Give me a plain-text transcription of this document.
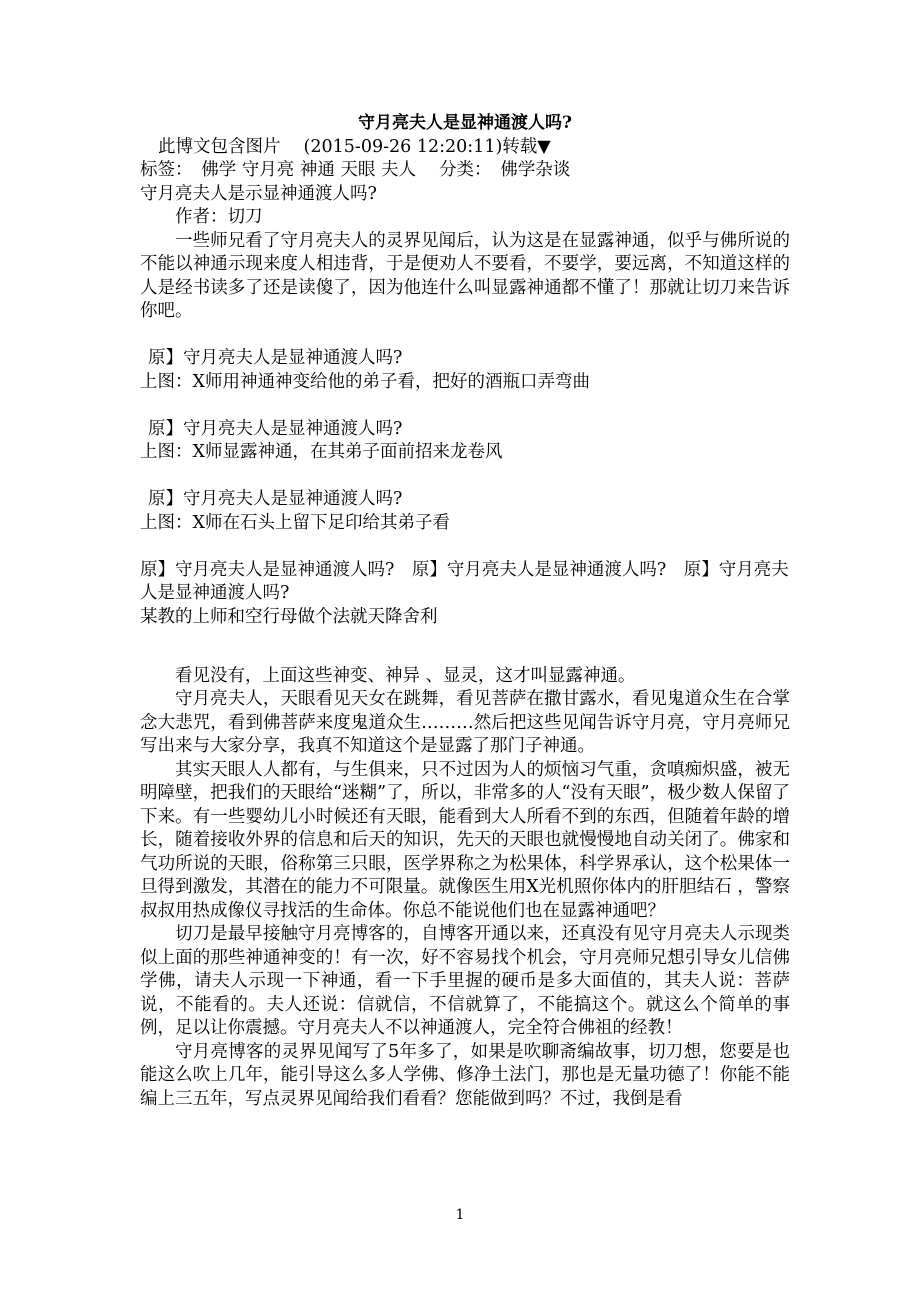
守月亮夫人是显神通渡人吗?

此博文包含图片　 (2015-09-26 12:20:11)转载▼

标签：　佛学 守月亮 神通 天眼 夫人　 分类：　佛学杂谈

守月亮夫人是示显神通渡人吗?

作者：切刀

一些师兄看了守月亮夫人的灵界见闻后，认为这是在显露神通，似乎与佛所说的不能以神通示现来度人相违背，于是便劝人不要看，不要学，要远离，不知道这样的人是经书读多了还是读傻了，因为他连什么叫显露神通都不懂了！那就让切刀来告诉你吧。

原】守月亮夫人是显神通渡人吗?

上图：X师用神通神变给他的弟子看，把好的酒瓶口弄弯曲

原】守月亮夫人是显神通渡人吗?

上图：X师显露神通，在其弟子面前招来龙卷风

原】守月亮夫人是显神通渡人吗?

上图：X师在石头上留下足印给其弟子看

原】守月亮夫人是显神通渡人吗?　原】守月亮夫人是显神通渡人吗?　原】守月亮夫人是显神通渡人吗?

某教的上师和空行母做个法就天降舍利

看见没有，上面这些神变、神异 、显灵，这才叫显露神通。

守月亮夫人，天眼看见天女在跳舞，看见菩萨在撒甘露水，看见鬼道众生在合掌念大悲咒，看到佛菩萨来度鬼道众生………然后把这些见闻告诉守月亮，守月亮师兄写出来与大家分享，我真不知道这个是显露了那门子神通。

其实天眼人人都有，与生俱来，只不过因为人的烦恼习气重，贪嗔痴炽盛，被无明障壁，把我们的天眼给“迷糊”了，所以，非常多的人“没有天眼”，极少数人保留了下来。有一些婴幼儿小时候还有天眼，能看到大人所看不到的东西，但随着年龄的增长，随着接收外界的信息和后天的知识，先天的天眼也就慢慢地自动关闭了。佛家和气功所说的天眼，俗称第三只眼，医学界称之为松果体，科学界承认，这个松果体一旦得到激发，其潜在的能力不可限量。就像医生用X光机照你体内的肝胆结石 ，警察叔叔用热成像仪寻找活的生命体。你总不能说他们也在显露神通吧？

切刀是最早接触守月亮博客的，自博客开通以来，还真没有见守月亮夫人示现类似上面的那些神通神变的！有一次，好不容易找个机会，守月亮师兄想引导女儿信佛学佛，请夫人示现一下神通，看一下手里握的硬币是多大面值的，其夫人说：菩萨说，不能看的。夫人还说：信就信，不信就算了，不能搞这个。就这么个简单的事例，足以让你震撼。守月亮夫人不以神通渡人，完全符合佛祖的经教！

守月亮博客的灵界见闻写了5年多了，如果是吹聊斋编故事，切刀想，您要是也能这么吹上几年，能引导这么多人学佛、修净土法门，那也是无量功德了！你能不能编上三五年，写点灵界见闻给我们看看？您能做到吗？不过，我倒是看

1
